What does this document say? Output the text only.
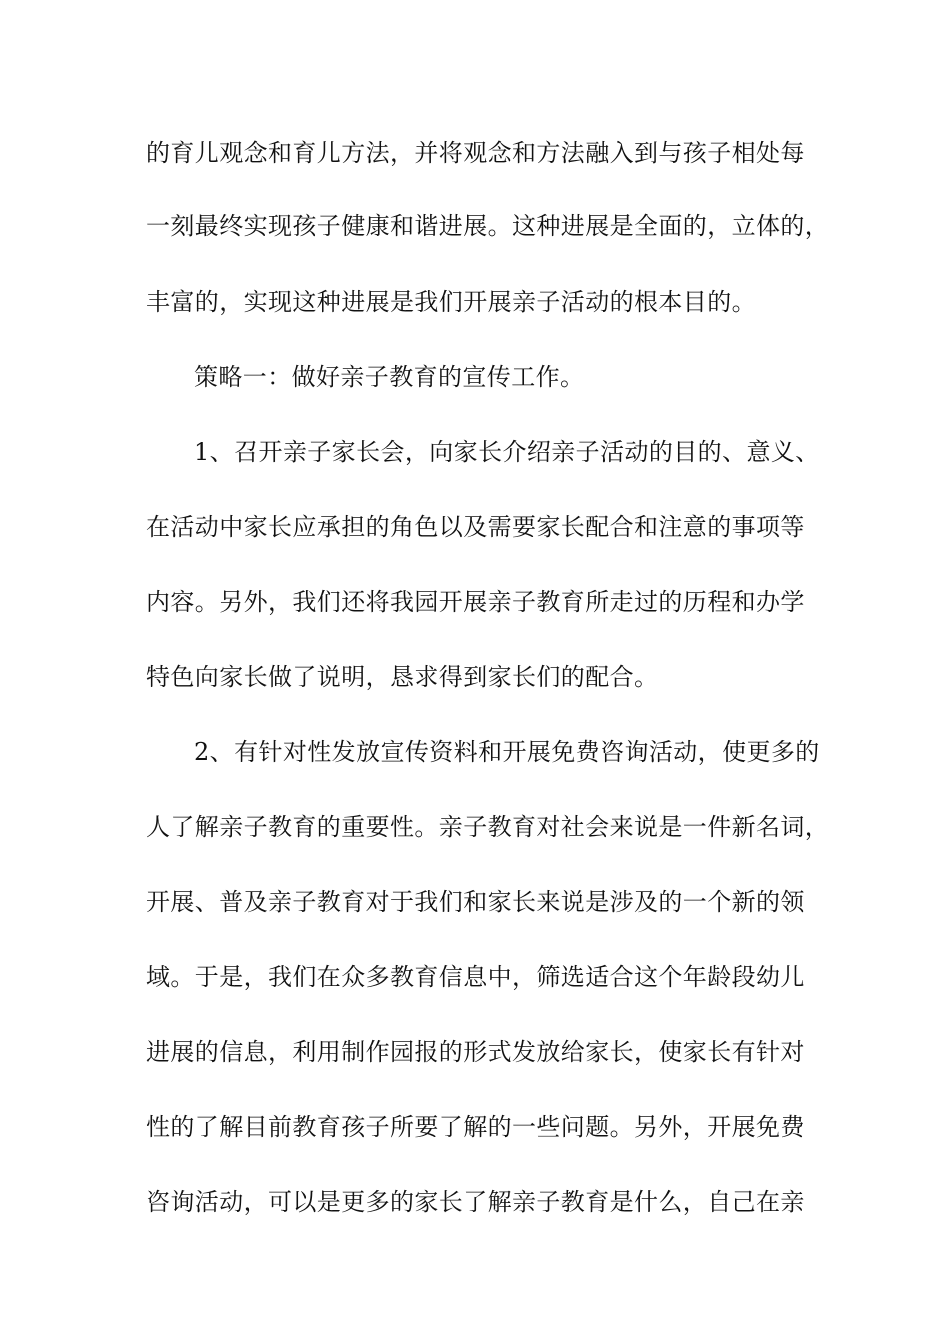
的育儿观念和育儿方法，并将观念和方法融入到与孩子相处每
一刻最终实现孩子健康和谐进展。这种进展是全面的，立体的，
丰富的，实现这种进展是我们开展亲子活动的根本目的。
策略一：做好亲子教育的宣传工作。
1、召开亲子家长会，向家长介绍亲子活动的目的、意义、
在活动中家长应承担的角色以及需要家长配合和注意的事项等
内容。另外，我们还将我园开展亲子教育所走过的历程和办学
特色向家长做了说明，恳求得到家长们的配合。
2、有针对性发放宣传资料和开展免费咨询活动，使更多的
人了解亲子教育的重要性。亲子教育对社会来说是一件新名词，
开展、普及亲子教育对于我们和家长来说是涉及的一个新的领
域。于是，我们在众多教育信息中，筛选适合这个年龄段幼儿
进展的信息，利用制作园报的形式发放给家长，使家长有针对
性的了解目前教育孩子所要了解的一些问题。另外，开展免费
咨询活动，可以是更多的家长了解亲子教育是什么，自己在亲
